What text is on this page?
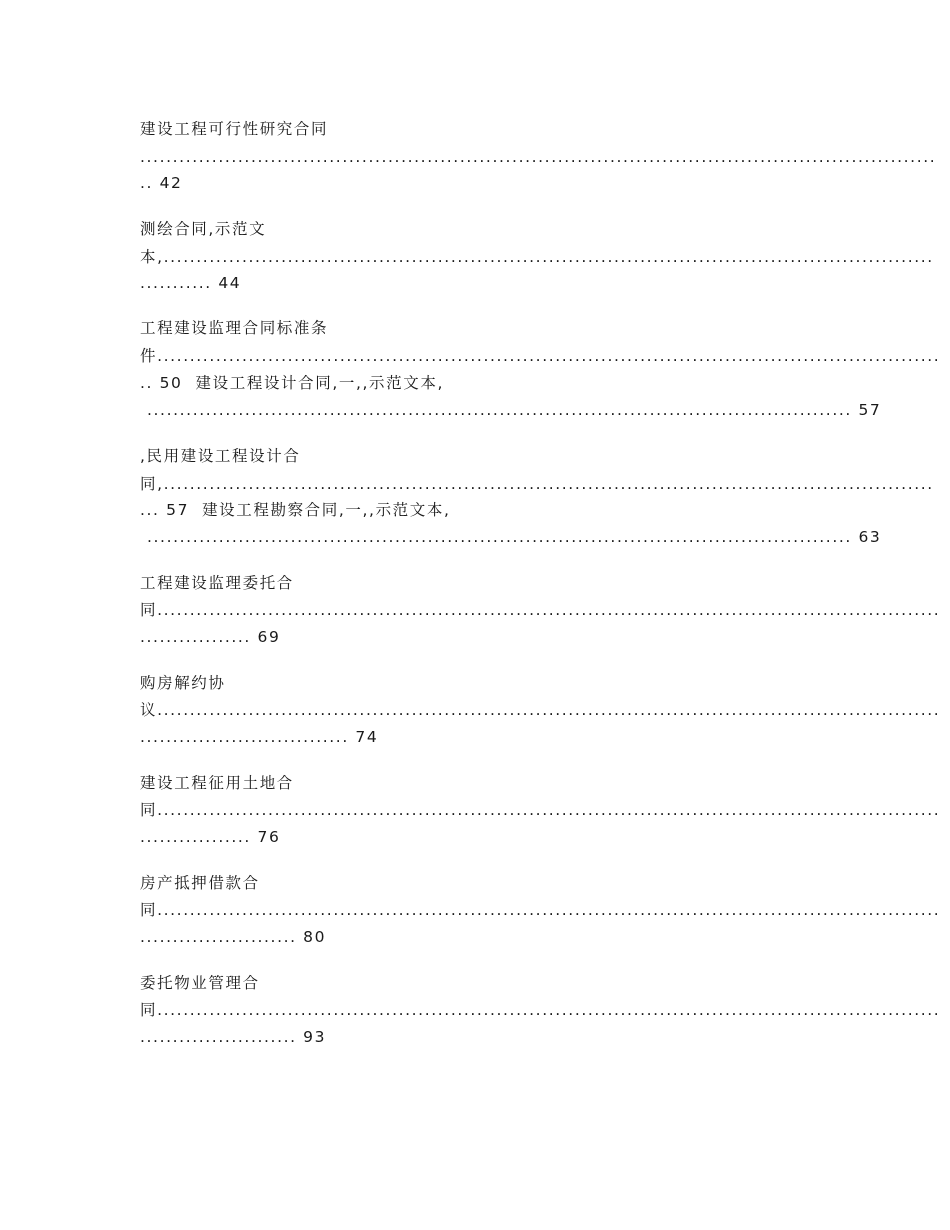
建设工程可行性研究合同
..........................................................................................................................
.. 42
测绘合同,示范文
本,......................................................................................................................
........... 44
工程建设监理合同标准条
件........................................................................................................................
.. 50  建设工程设计合同,一,,示范文本,
............................................................................................................ 57
,民用建设工程设计合
同,......................................................................................................................
... 57  建设工程勘察合同,一,,示范文本,
............................................................................................................ 63
工程建设监理委托合
同........................................................................................................................
................. 69
购房解约协
议........................................................................................................................
................................ 74
建设工程征用土地合
同........................................................................................................................
................. 76
房产抵押借款合
同........................................................................................................................
........................ 80
委托物业管理合
同........................................................................................................................
........................ 93
